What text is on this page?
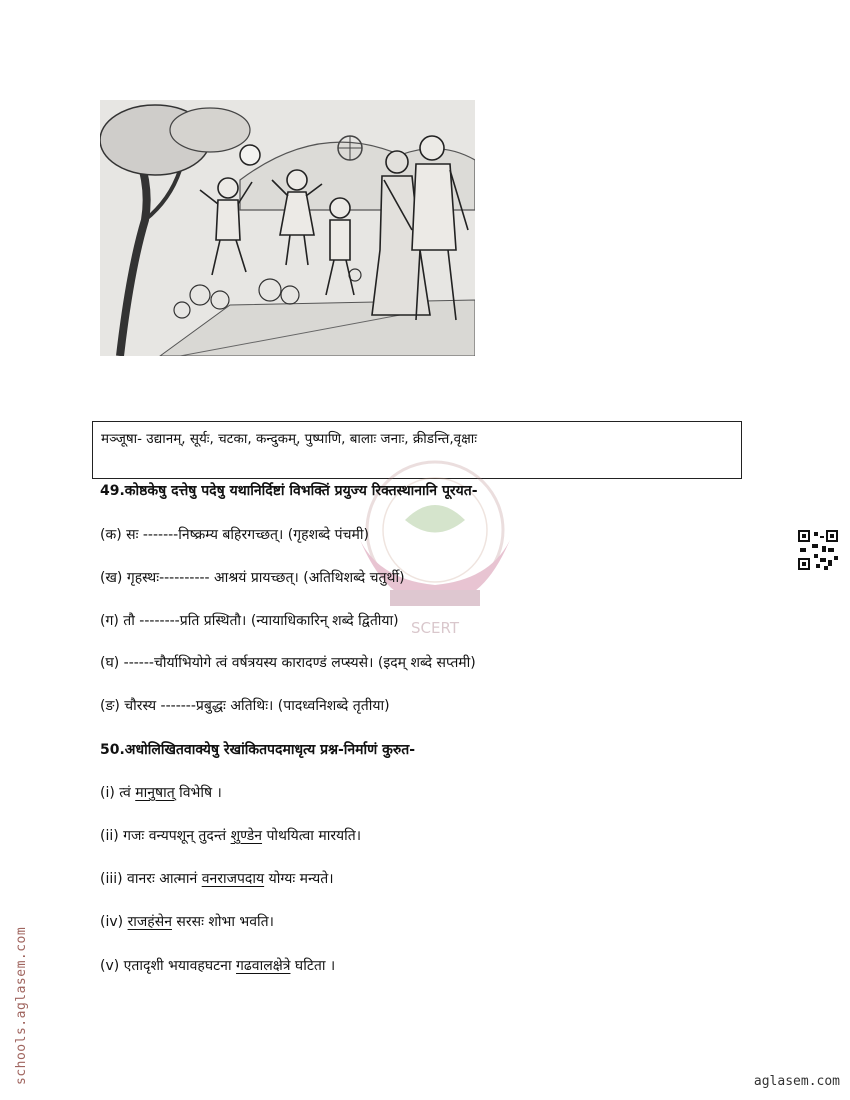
मञ्जूषा- उद्यानम्, सूर्यः, चटका, कन्दुकम्, पुष्पाणि, बालाः जनाः, क्रीडन्ति,वृक्षाः
SCERT
49.कोष्ठकेषु दत्तेषु पदेषु यथानिर्दिष्टां विभक्तिं प्रयुज्य रिक्तस्थानानि पूरयत-
(क) सः -------निष्क्रम्य बहिरगच्छत्। (गृहशब्दे पंचमी)
(ख) गृहस्थः---------- आश्रयं प्रायच्छत्। (अतिथिशब्दे चतुर्थी)
(ग) तौ --------प्रति प्रस्थितौ। (न्यायाधिकारिन् शब्दे द्वितीया)
(घ) ------चौर्याभियोगे त्वं वर्षत्रयस्य कारादण्डं लप्स्यसे। (इदम् शब्दे सप्तमी)
(ङ) चौरस्य -------प्रबुद्धः अतिथिः। (पादध्वनिशब्दे तृतीया)
50.अधोलिखितवाक्येषु रेखांकितपदमाधृत्य प्रश्न-निर्माणं कुरुत-
(i) त्वं मानुषात् विभेषि ।
(ii) गजः वन्यपशून् तुदन्तं शुण्डेन पोथयित्वा मारयति।
(iii) वानरः आत्मानं वनराजपदाय योग्यः मन्यते।
(iv) राजहंसेन सरसः शोभा भवति।
(v) एतादृशी भयावहघटना गढवालक्षेत्रे घटिता ।
schools.aglasem.com	aglasem.com
